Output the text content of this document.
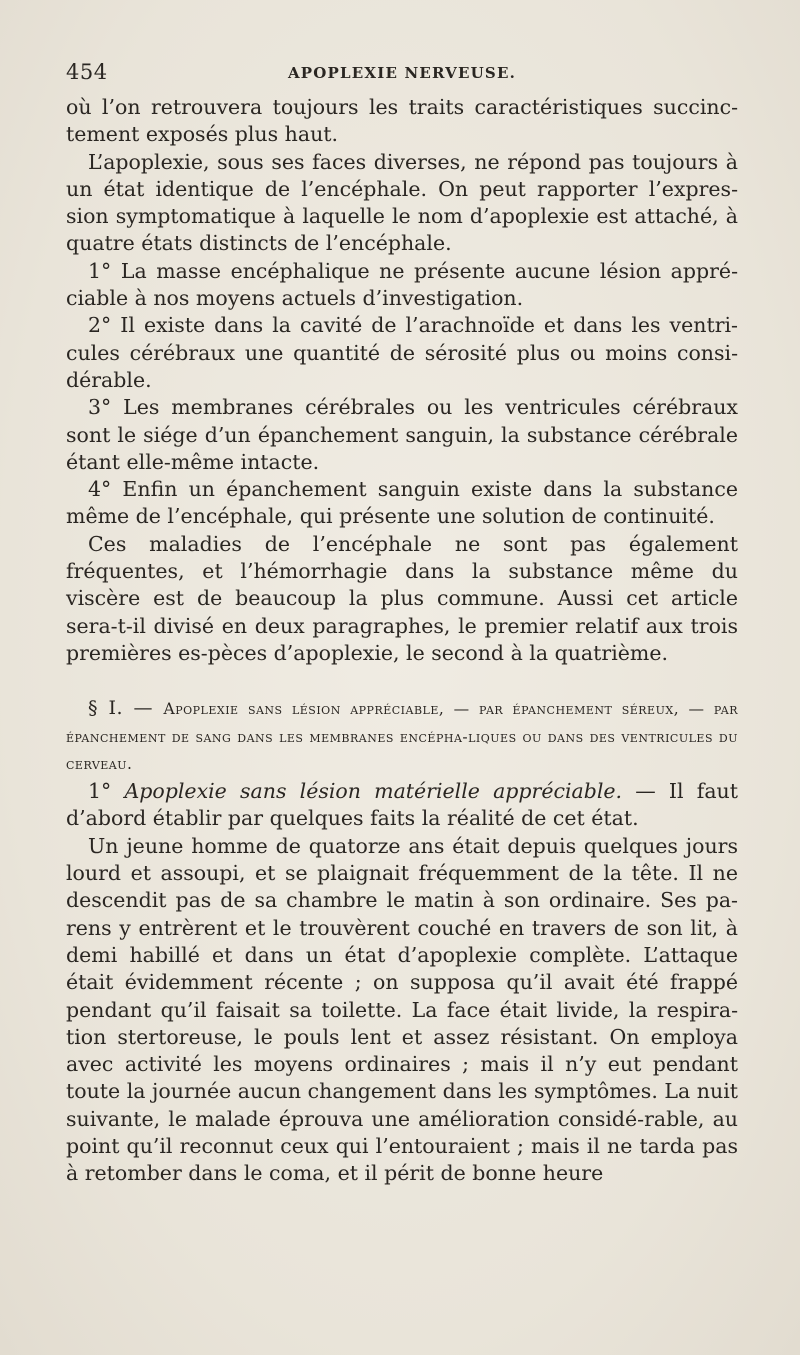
454	APOPLEXIE NERVEUSE.

où l’on retrouvera toujours les traits caractéristiques succinc-tement exposés plus haut.

L’apoplexie, sous ses faces diverses, ne répond pas toujours à un état identique de l’encéphale. On peut rapporter l’expres-sion symptomatique à laquelle le nom d’apoplexie est attaché, à quatre états distincts de l’encéphale.

1° La masse encéphalique ne présente aucune lésion appré-ciable à nos moyens actuels d’investigation.

2° Il existe dans la cavité de l’arachnoïde et dans les ventri-cules cérébraux une quantité de sérosité plus ou moins consi-dérable.

3° Les membranes cérébrales ou les ventricules cérébraux sont le siége d’un épanchement sanguin, la substance cérébrale étant elle-même intacte.

4° Enfin un épanchement sanguin existe dans la substance même de l’encéphale, qui présente une solution de continuité.

Ces maladies de l’encéphale ne sont pas également fréquentes, et l’hémorrhagie dans la substance même du viscère est de beaucoup la plus commune. Aussi cet article sera-t-il divisé en deux paragraphes, le premier relatif aux trois premières es-pèces d’apoplexie, le second à la quatrième.

§ I. — Apoplexie sans lésion appréciable, — par épanchement séreux, — par épanchement de sang dans les membranes encépha-liques ou dans des ventricules du cerveau.

1° Apoplexie sans lésion matérielle appréciable. — Il faut d’abord établir par quelques faits la réalité de cet état.

Un jeune homme de quatorze ans était depuis quelques jours lourd et assoupi, et se plaignait fréquemment de la tête. Il ne descendit pas de sa chambre le matin à son ordinaire. Ses pa-rens y entrèrent et le trouvèrent couché en travers de son lit, à demi habillé et dans un état d’apoplexie complète. L’attaque était évidemment récente ; on supposa qu’il avait été frappé pendant qu’il faisait sa toilette. La face était livide, la respira-tion stertoreuse, le pouls lent et assez résistant. On employa avec activité les moyens ordinaires ; mais il n’y eut pendant toute la journée aucun changement dans les symptômes. La nuit suivante, le malade éprouva une amélioration considé-rable, au point qu’il reconnut ceux qui l’entouraient ; mais il ne tarda pas à retomber dans le coma, et il périt de bonne heure
